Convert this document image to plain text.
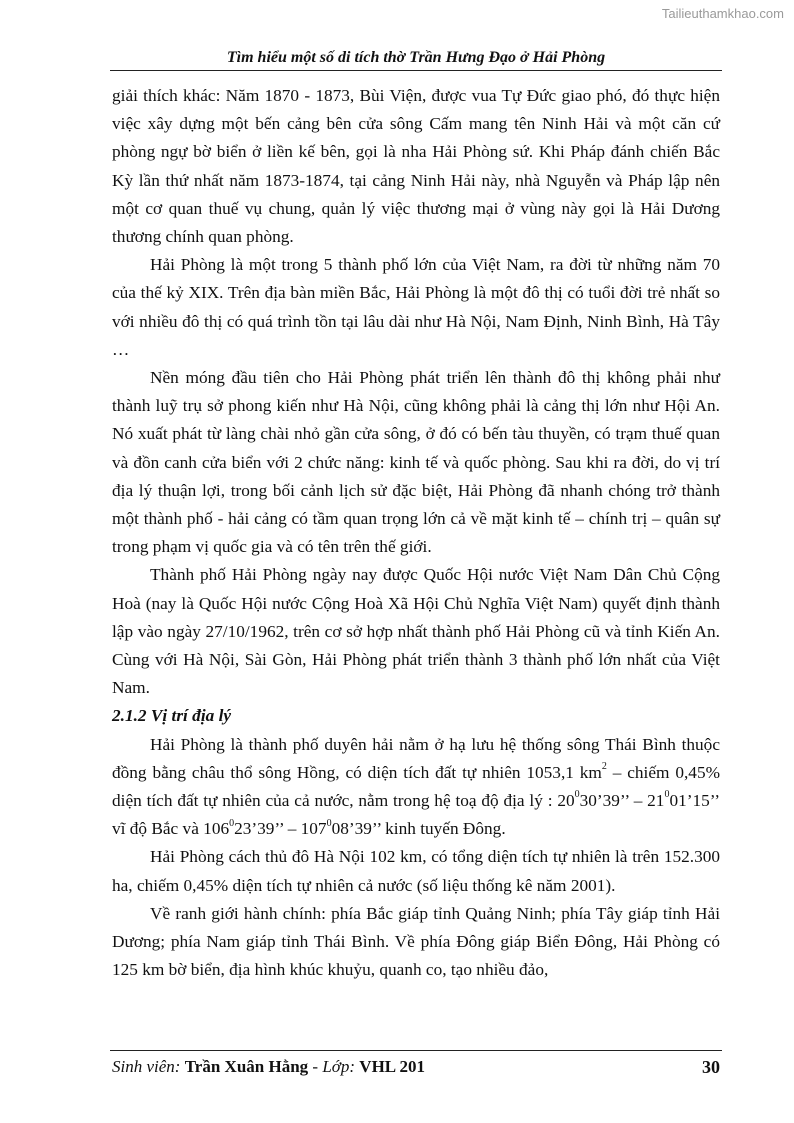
Tailieuthamkhao.com
Tìm hiểu một số di tích thờ Trần Hưng Đạo ở Hải Phòng

giải thích khác: Năm 1870 - 1873, Bùi Viện, được vua Tự Đức giao phó, đó thực hiện việc xây dựng một bến cảng bên cửa sông Cấm mang tên Ninh Hải và một căn cứ phòng ngự bờ biển ở liền kế bên, gọi là nha Hải Phòng sứ. Khi Pháp đánh chiến Bắc Kỳ lần thứ nhất năm 1873-1874, tại cảng Ninh Hải này, nhà Nguyễn và Pháp lập nên một cơ quan thuế vụ chung, quản lý việc thương mại ở vùng này gọi là Hải Dương thương chính quan phòng.

Hải Phòng là một trong 5 thành phố lớn của Việt Nam, ra đời từ những năm 70 của thế kỷ XIX. Trên địa bàn miền Bắc, Hải Phòng là một đô thị có tuổi đời trẻ nhất so với nhiều đô thị có quá trình tồn tại lâu dài như Hà Nội, Nam Định, Ninh Bình, Hà Tây …

Nền móng đầu tiên cho Hải Phòng phát triển lên thành đô thị không phải như thành luỹ trụ sở phong kiến như Hà Nội, cũng không phải là cảng thị lớn như Hội An. Nó xuất phát từ làng chài nhỏ gần cửa sông, ở đó có bến tàu thuyền, có trạm thuế quan và đồn canh cửa biển với 2 chức năng: kinh tế và quốc phòng. Sau khi ra đời, do vị trí địa lý thuận lợi, trong bối cảnh lịch sử đặc biệt, Hải Phòng đã nhanh chóng trở thành một thành phố - hải cảng có tầm quan trọng lớn cả về mặt kinh tế – chính trị – quân sự trong phạm vị quốc gia và có tên trên thế giới.

Thành phố Hải Phòng ngày nay được Quốc Hội nước Việt Nam Dân Chủ Cộng Hoà (nay là Quốc Hội nước Cộng Hoà Xã Hội Chủ Nghĩa Việt Nam) quyết định thành lập vào ngày 27/10/1962, trên cơ sở hợp nhất thành phố Hải Phòng cũ và tỉnh Kiến An. Cùng với Hà Nội, Sài Gòn, Hải Phòng phát triển thành 3 thành phố lớn nhất của Việt Nam.

2.1.2 Vị trí địa lý

Hải Phòng là thành phố duyên hải nằm ở hạ lưu hệ thống sông Thái Bình thuộc đồng bằng châu thổ sông Hồng, có diện tích đất tự nhiên 1053,1 $km^2$ – chiếm 0,45% diện tích đất tự nhiên của cả nước, nằm trong hệ toạ độ địa lý : $20^030’39$’’ – $21^001’15$’’ vĩ độ Bắc và $106^023’39$’’ – $107^008’39$’’ kinh tuyến Đông.

Hải Phòng cách thủ đô Hà Nội 102 km, có tổng diện tích tự nhiên là trên 152.300 ha, chiếm 0,45% diện tích tự nhiên cả nước (số liệu thống kê năm 2001).

Về ranh giới hành chính: phía Bắc giáp tỉnh Quảng Ninh; phía Tây giáp tỉnh Hải Dương; phía Nam giáp tỉnh Thái Bình. Về phía Đông giáp Biển Đông, Hải Phòng có 125 km bờ biển, địa hình khúc khuỷu, quanh co, tạo nhiều đảo,

Sinh viên: Trần Xuân Hằng - Lớp: VHL 201	30
